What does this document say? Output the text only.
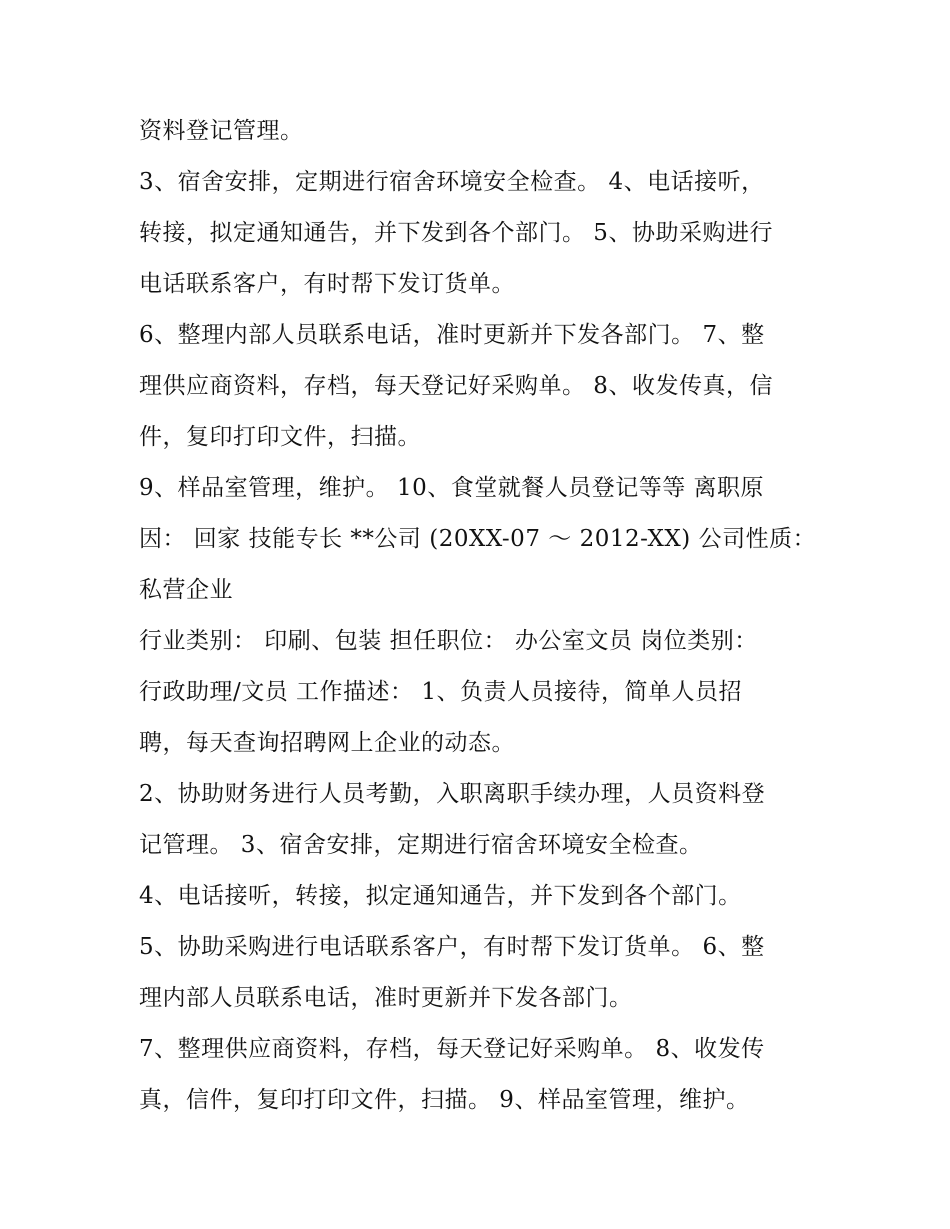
资料登记管理。
3、宿舍安排，定期进行宿舍环境安全检查。 4、电话接听，
转接，拟定通知通告，并下发到各个部门。 5、协助采购进行
电话联系客户，有时帮下发订货单。
6、整理内部人员联系电话，准时更新并下发各部门。 7、整
理供应商资料，存档，每天登记好采购单。 8、收发传真，信
件，复印打印文件，扫描。
9、样品室管理，维护。 10、食堂就餐人员登记等等 离职原
因： 回家 技能专长 **公司 (20XX-07 ～ 2012-XX) 公司性质：
私营企业
行业类别： 印刷、包装 担任职位： 办公室文员 岗位类别：
行政助理/文员 工作描述： 1、负责人员接待，简单人员招
聘，每天查询招聘网上企业的动态。
2、协助财务进行人员考勤，入职离职手续办理，人员资料登
记管理。 3、宿舍安排，定期进行宿舍环境安全检查。
4、电话接听，转接，拟定通知通告，并下发到各个部门。
5、协助采购进行电话联系客户，有时帮下发订货单。 6、整
理内部人员联系电话，准时更新并下发各部门。
7、整理供应商资料，存档，每天登记好采购单。 8、收发传
真，信件，复印打印文件，扫描。 9、样品室管理，维护。
